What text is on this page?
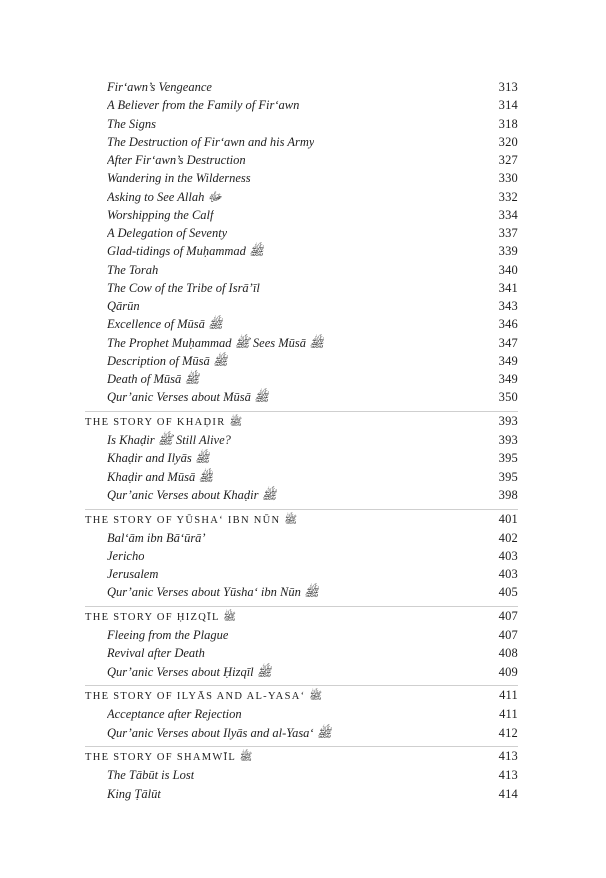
Fir‘awn’s Vengeance	313
A Believer from the Family of Fir‘awn	314
The Signs	318
The Destruction of Fir‘awn and his Army	320
After Fir‘awn’s Destruction	327
Wandering in the Wilderness	330
Asking to See Allah ﷻ	332
Worshipping the Calf	334
A Delegation of Seventy	337
Glad-tidings of Muḥammad ﷺ	339
The Torah	340
The Cow of the Tribe of Isrā’īl	341
Qārūn	343
Excellence of Mūsā ﷺ	346
The Prophet Muḥammad ﷺ Sees Mūsā ﷺ	347
Description of Mūsā ﷺ	349
Death of Mūsā ﷺ	349
Qur’anic Verses about Mūsā ﷺ	350
THE STORY OF KHAḌIR ﷺ	393
Is Khaḍir ﷺ Still Alive?	393
Khaḍir and Ilyās ﷺ	395
Khaḍir and Mūsā ﷺ	395
Qur’anic Verses about Khaḍir ﷺ	398
THE STORY OF YŪSHA‘ IBN NŪN ﷺ	401
Bal‘ām ibn Bā‘ūrā’	402
Jericho	403
Jerusalem	403
Qur’anic Verses about Yūsha‘ ibn Nūn ﷺ	405
THE STORY OF ḤIZQĪL ﷺ	407
Fleeing from the Plague	407
Revival after Death	408
Qur’anic Verses about Ḥizqīl ﷺ	409
THE STORY OF ILYĀS AND AL-YASA‘ ﷺ	411
Acceptance after Rejection	411
Qur’anic Verses about Ilyās and al-Yasa‘ ﷺ	412
THE STORY OF SHAMWĪL ﷺ	413
The Tābūt is Lost	413
King Ṭālūt	414
